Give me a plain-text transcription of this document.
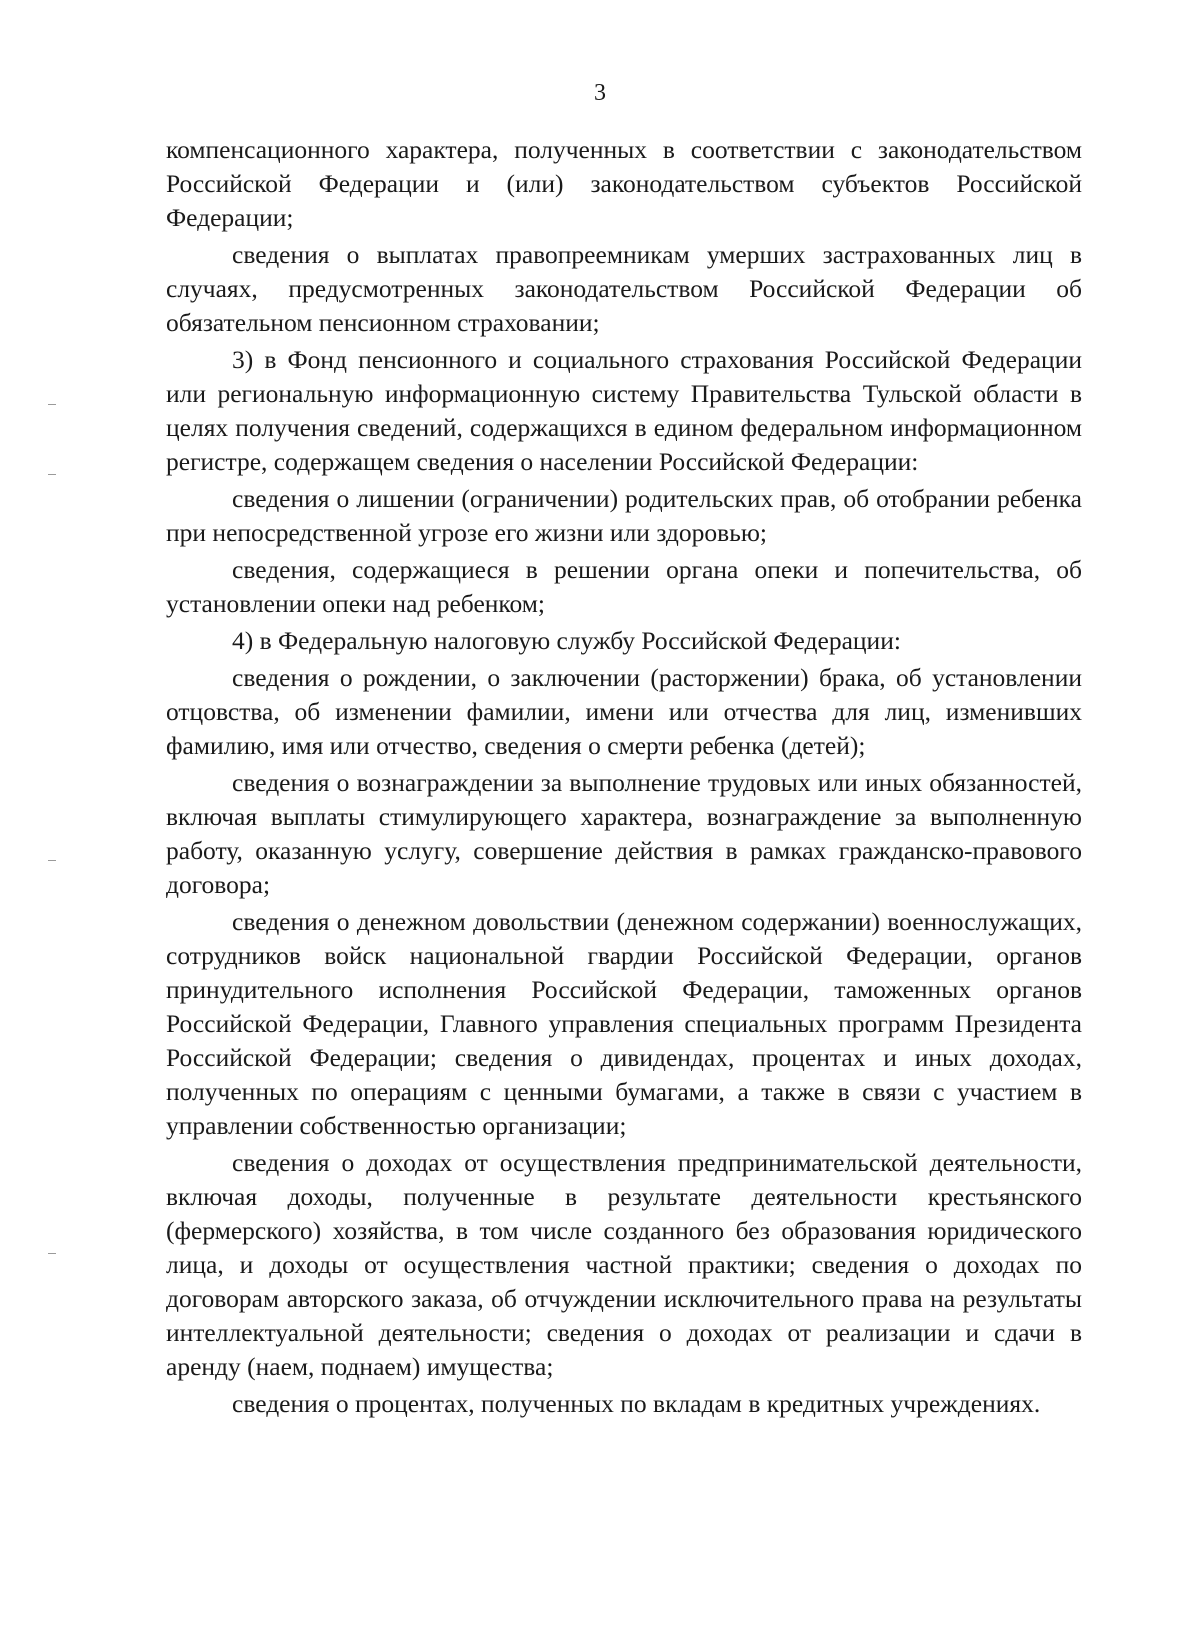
3

компенсационного характера, полученных в соответствии с законодательством Российской Федерации и (или) законодательством субъектов Российской Федерации;

сведения о выплатах правопреемникам умерших застрахованных лиц в случаях, предусмотренных законодательством Российской Федерации об обязательном пенсионном страховании;

3) в Фонд пенсионного и социального страхования Российской Федерации или региональную информационную систему Правительства Тульской области в целях получения сведений, содержащихся в едином федеральном информационном регистре, содержащем сведения о населении Российской Федерации:

сведения о лишении (ограничении) родительских прав, об отобрании ребенка при непосредственной угрозе его жизни или здоровью;

сведения, содержащиеся в решении органа опеки и попечительства, об установлении опеки над ребенком;

4) в Федеральную налоговую службу Российской Федерации:

сведения о рождении, о заключении (расторжении) брака, об установлении отцовства, об изменении фамилии, имени или отчества для лиц, изменивших фамилию, имя или отчество, сведения о смерти ребенка (детей);

сведения о вознаграждении за выполнение трудовых или иных обязанностей, включая выплаты стимулирующего характера, вознаграждение за выполненную работу, оказанную услугу, совершение действия в рамках гражданско-правового договора;

сведения о денежном довольствии (денежном содержании) военнослужащих, сотрудников войск национальной гвардии Российской Федерации, органов принудительного исполнения Российской Федерации, таможенных органов Российской Федерации, Главного управления специальных программ Президента Российской Федерации; сведения о дивидендах, процентах и иных доходах, полученных по операциям с ценными бумагами, а также в связи с участием в управлении собственностью организации;

сведения о доходах от осуществления предпринимательской деятельности, включая доходы, полученные в результате деятельности крестьянского (фермерского) хозяйства, в том числе созданного без образования юридического лица, и доходы от осуществления частной практики; сведения о доходах по договорам авторского заказа, об отчуждении исключительного права на результаты интеллектуальной деятельности; сведения о доходах от реализации и сдачи в аренду (наем, поднаем) имущества;

сведения о процентах, полученных по вкладам в кредитных учреждениях.
